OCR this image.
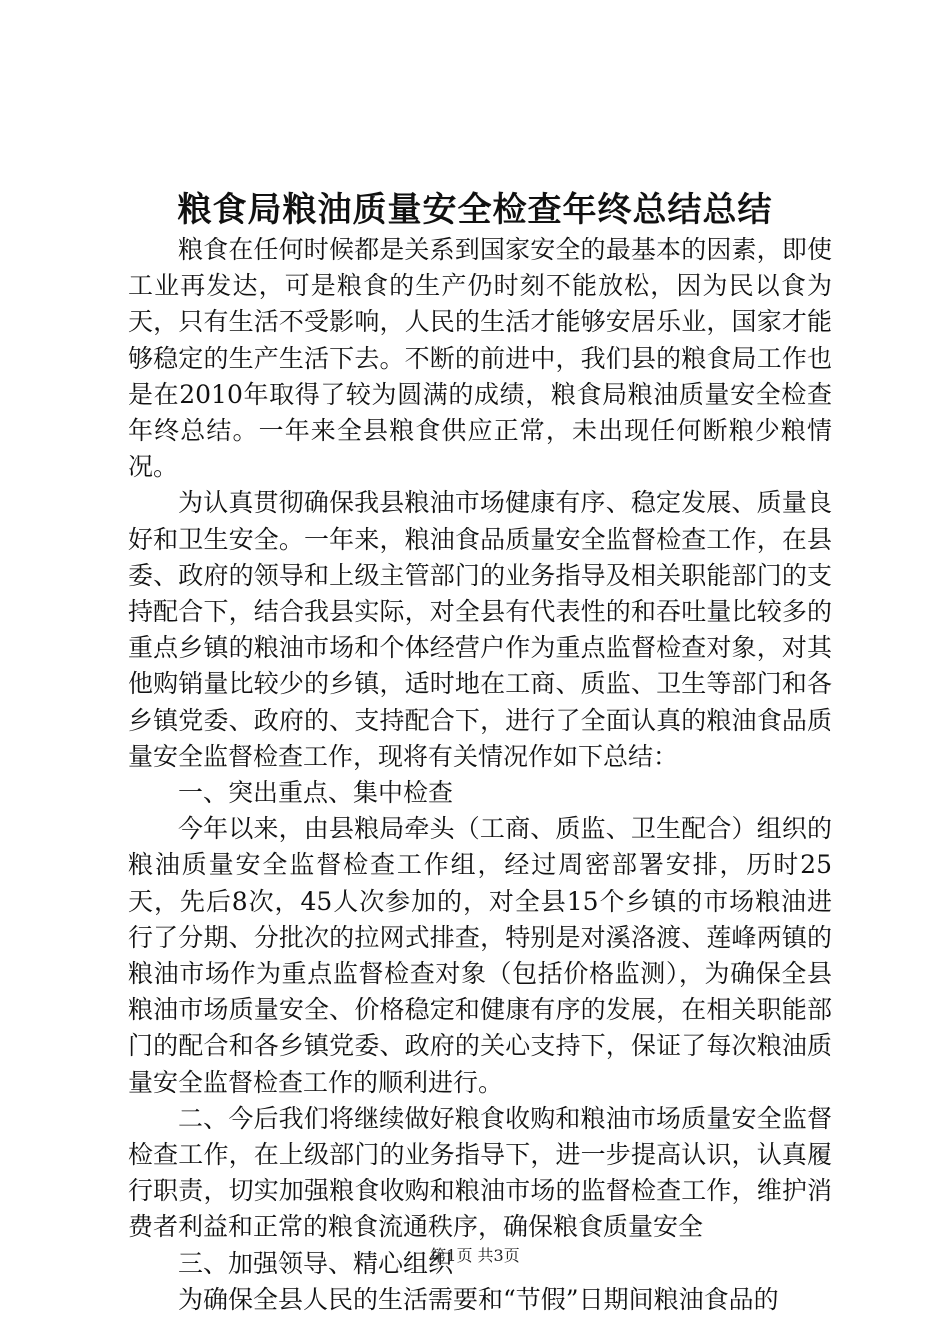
粮食局粮油质量安全检查年终总结总结

粮食在任何时候都是关系到国家安全的最基本的因素，即使工业再发达，可是粮食的生产仍时刻不能放松，因为民以食为天，只有生活不受影响，人民的生活才能够安居乐业，国家才能够稳定的生产生活下去。不断的前进中，我们县的粮食局工作也是在2010年取得了较为圆满的成绩，粮食局粮油质量安全检查年终总结。一年来全县粮食供应正常，未出现任何断粮少粮情况。

为认真贯彻确保我县粮油市场健康有序、稳定发展、质量良好和卫生安全。一年来，粮油食品质量安全监督检查工作，在县委、政府的领导和上级主管部门的业务指导及相关职能部门的支持配合下，结合我县实际，对全县有代表性的和吞吐量比较多的重点乡镇的粮油市场和个体经营户作为重点监督检查对象，对其他购销量比较少的乡镇，适时地在工商、质监、卫生等部门和各乡镇党委、政府的、支持配合下，进行了全面认真的粮油食品质量安全监督检查工作，现将有关情况作如下总结：

一、突出重点、集中检查

今年以来，由县粮局牵头（工商、质监、卫生配合）组织的粮油质量安全监督检查工作组，经过周密部署安排，历时25天，先后8次，45人次参加的，对全县15个乡镇的市场粮油进行了分期、分批次的拉网式排查，特别是对溪洛渡、莲峰两镇的粮油市场作为重点监督检查对象（包括价格监测），为确保全县粮油市场质量安全、价格稳定和健康有序的发展，在相关职能部门的配合和各乡镇党委、政府的关心支持下，保证了每次粮油质量安全监督检查工作的顺利进行。

二、今后我们将继续做好粮食收购和粮油市场质量安全监督检查工作，在上级部门的业务指导下，进一步提高认识，认真履行职责，切实加强粮食收购和粮油市场的监督检查工作，维护消费者利益和正常的粮食流通秩序，确保粮食质量安全

三、加强领导、精心组织

为确保全县人民的生活需要和“节假”日期间粮油食品的

第1页 共3页
